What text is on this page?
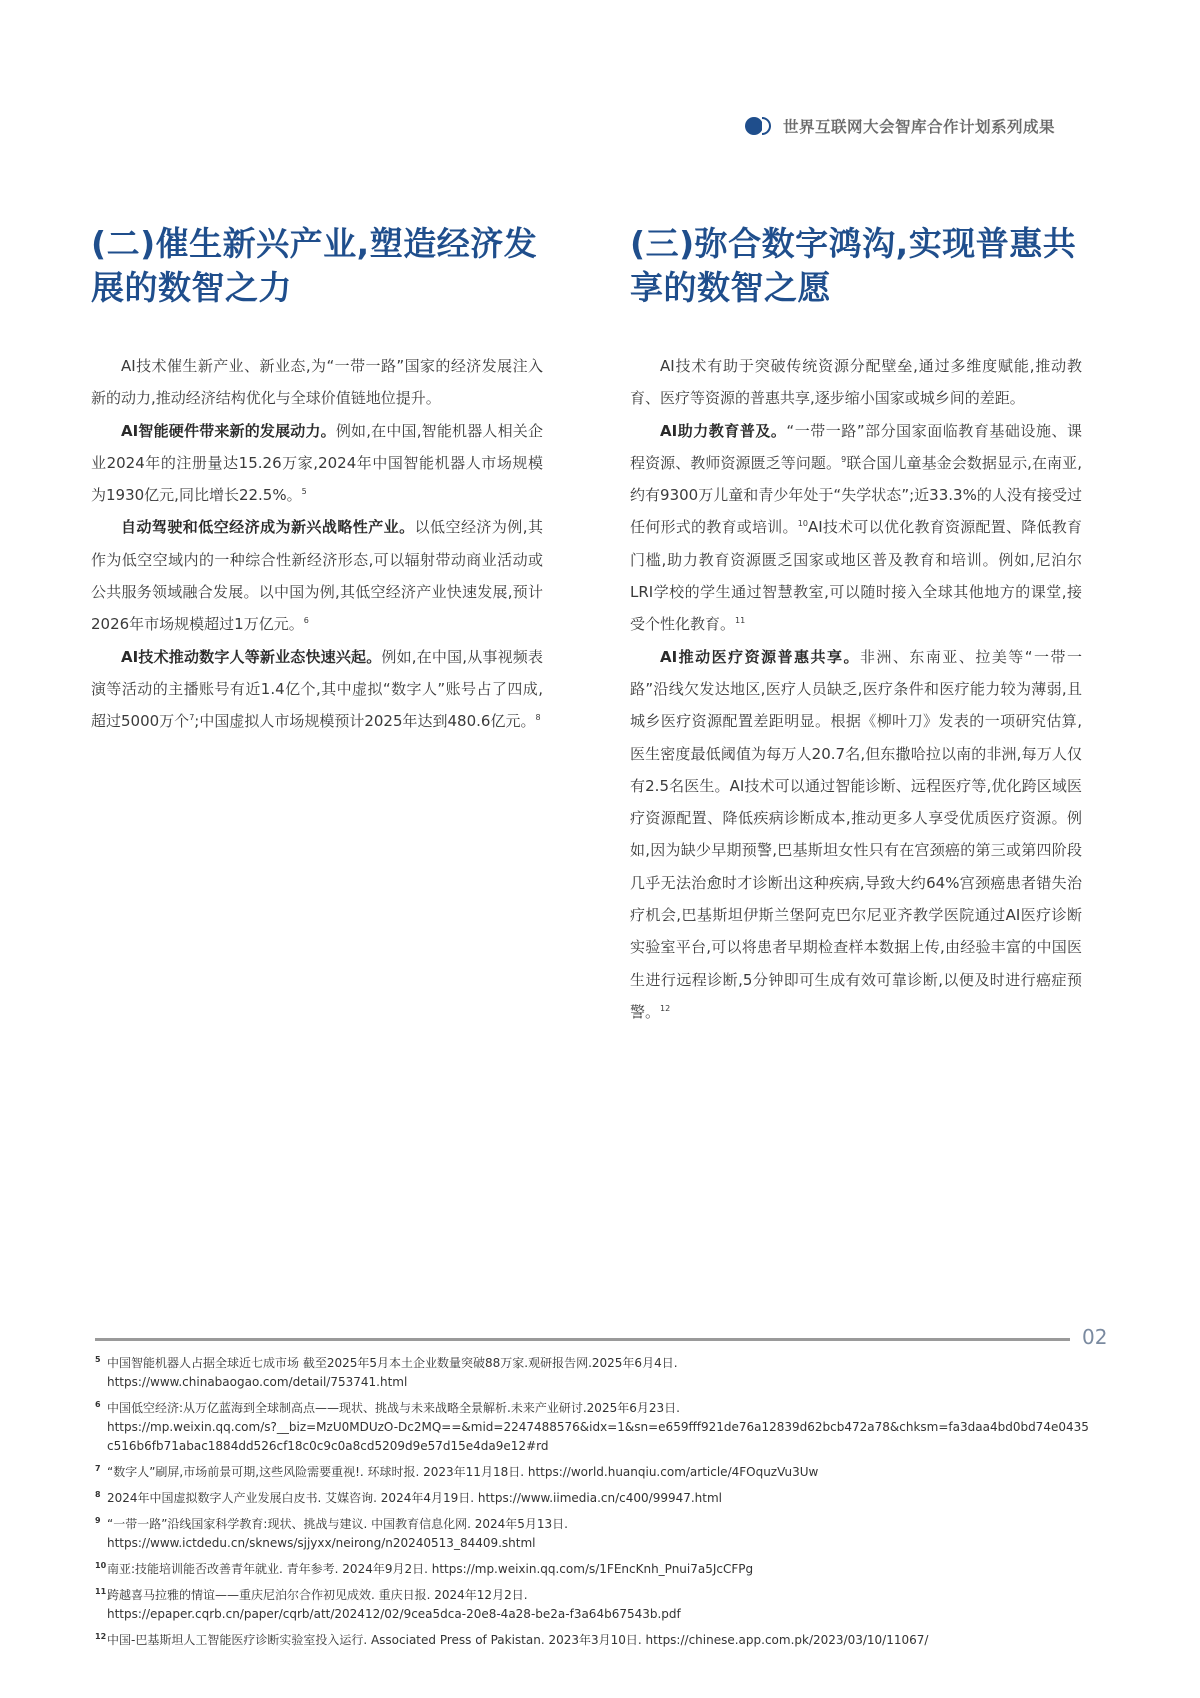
世界互联网大会智库合作计划系列成果
(二)催生新兴产业,塑造经济发展的数智之力

AI技术催生新产业、新业态,为“一带一路”国家的经济发展注入新的动力,推动经济结构优化与全球价值链地位提升。

AI智能硬件带来新的发展动力。例如,在中国,智能机器人相关企业2024年的注册量达15.26万家,2024年中国智能机器人市场规模为1930亿元,同比增长22.5%。$^5$

自动驾驶和低空经济成为新兴战略性产业。以低空经济为例,其作为低空空域内的一种综合性新经济形态,可以辐射带动商业活动或公共服务领域融合发展。以中国为例,其低空经济产业快速发展,预计2026年市场规模超过1万亿元。$^6$

AI技术推动数字人等新业态快速兴起。例如,在中国,从事视频表演等活动的主播账号有近1.4亿个,其中虚拟“数字人”账号占了四成,超过5000万个$^7$;中国虚拟人市场规模预计2025年达到480.6亿元。$^8$

(三)弥合数字鸿沟,实现普惠共享的数智之愿

AI技术有助于突破传统资源分配壁垒,通过多维度赋能,推动教育、医疗等资源的普惠共享,逐步缩小国家或城乡间的差距。

AI助力教育普及。“一带一路”部分国家面临教育基础设施、课程资源、教师资源匮乏等问题。$^9$联合国儿童基金会数据显示,在南亚,约有9300万儿童和青少年处于“失学状态”;近33.3%的人没有接受过任何形式的教育或培训。$^{10}$AI技术可以优化教育资源配置、降低教育门槛,助力教育资源匮乏国家或地区普及教育和培训。例如,尼泊尔LRI学校的学生通过智慧教室,可以随时接入全球其他地方的课堂,接受个性化教育。$^{11}$

AI推动医疗资源普惠共享。非洲、东南亚、拉美等“一带一路”沿线欠发达地区,医疗人员缺乏,医疗条件和医疗能力较为薄弱,且城乡医疗资源配置差距明显。根据《柳叶刀》发表的一项研究估算,医生密度最低阈值为每万人20.7名,但东撒哈拉以南的非洲,每万人仅有2.5名医生。AI技术可以通过智能诊断、远程医疗等,优化跨区域医疗资源配置、降低疾病诊断成本,推动更多人享受优质医疗资源。例如,因为缺少早期预警,巴基斯坦女性只有在宫颈癌的第三或第四阶段几乎无法治愈时才诊断出这种疾病,导致大约64%宫颈癌患者错失治疗机会,巴基斯坦伊斯兰堡阿克巴尔尼亚齐教学医院通过AI医疗诊断实验室平台,可以将患者早期检查样本数据上传,由经验丰富的中国医生进行远程诊断,5分钟即可生成有效可靠诊断,以便及时进行癌症预警。$^{12}$

02
5 中国智能机器人占据全球近七成市场 截至2025年5月本土企业数量突破88万家.观研报告网.2025年6月4日.
https://www.chinabaogao.com/detail/753741.html
6 中国低空经济:从万亿蓝海到全球制高点——现状、挑战与未来战略全景解析.未来产业研讨.2025年6月23日.
https://mp.weixin.qq.com/s?__biz=MzU0MDUzO-Dc2MQ==&mid=2247488576&idx=1&sn=e659fff921de76a12839d62bcb472a78&chksm=fa3daa4bd0bd74e0435c516b6fb71abac1884dd526cf18c0c9c0a8cd5209d9e57d15e4da9e12#rd
7 “数字人”刷屏,市场前景可期,这些风险需要重视!. 环球时报. 2023年11月18日. https://world.huanqiu.com/article/4FOquzVu3Uw
8 2024年中国虚拟数字人产业发展白皮书. 艾媒咨询. 2024年4月19日. https://www.iimedia.cn/c400/99947.html
9 “一带一路”沿线国家科学教育:现状、挑战与建议. 中国教育信息化网. 2024年5月13日.
https://www.ictdedu.cn/sknews/sjjyxx/neirong/n20240513_84409.shtml
10 南亚:技能培训能否改善青年就业. 青年参考. 2024年9月2日. https://mp.weixin.qq.com/s/1FEncKnh_Pnui7a5JcCFPg
11 跨越喜马拉雅的情谊——重庆尼泊尔合作初见成效. 重庆日报. 2024年12月2日.
https://epaper.cqrb.cn/paper/cqrb/att/202412/02/9cea5dca-20e8-4a28-be2a-f3a64b67543b.pdf
12 中国-巴基斯坦人工智能医疗诊断实验室投入运行. Associated Press of Pakistan. 2023年3月10日. https://chinese.app.com.pk/2023/03/10/11067/
